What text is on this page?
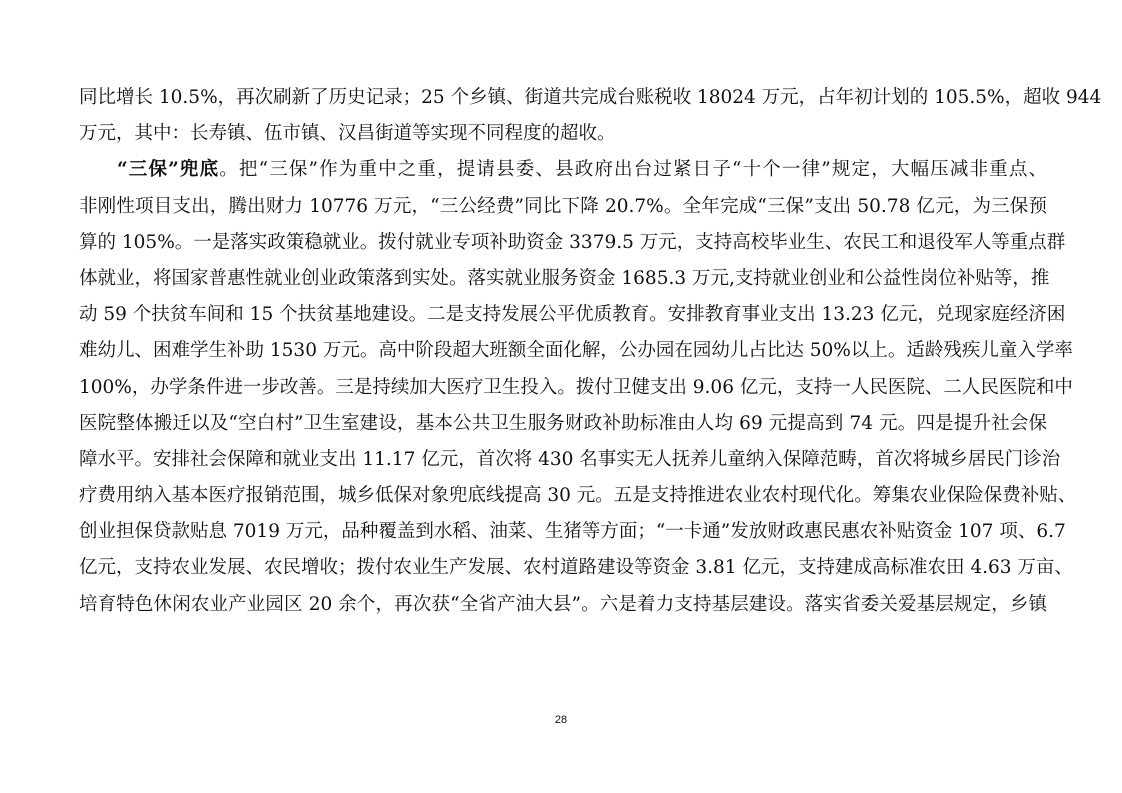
同比增长 10.5%，再次刷新了历史记录；25 个乡镇、街道共完成台账税收 18024 万元，占年初计划的 105.5%，超收 944
万元，其中：长寿镇、伍市镇、汉昌街道等实现不同程度的超收。
“三保”兜底。把“三保”作为重中之重，提请县委、县政府出台过紧日子“十个一律”规定，大幅压减非重点、
非刚性项目支出，腾出财力 10776 万元，“三公经费”同比下降 20.7%。全年完成“三保”支出 50.78 亿元，为三保预
算的 105%。一是落实政策稳就业。拨付就业专项补助资金 3379.5 万元，支持高校毕业生、农民工和退役军人等重点群
体就业，将国家普惠性就业创业政策落到实处。落实就业服务资金 1685.3 万元,支持就业创业和公益性岗位补贴等，推
动 59 个扶贫车间和 15 个扶贫基地建设。二是支持发展公平优质教育。安排教育事业支出 13.23 亿元，兑现家庭经济困
难幼儿、困难学生补助 1530 万元。高中阶段超大班额全面化解，公办园在园幼儿占比达 50%以上。适龄残疾儿童入学率
100%，办学条件进一步改善。三是持续加大医疗卫生投入。拨付卫健支出 9.06 亿元，支持一人民医院、二人民医院和中
医院整体搬迁以及“空白村”卫生室建设，基本公共卫生服务财政补助标准由人均 69 元提高到 74 元。四是提升社会保
障水平。安排社会保障和就业支出 11.17 亿元，首次将 430 名事实无人抚养儿童纳入保障范畴，首次将城乡居民门诊治
疗费用纳入基本医疗报销范围，城乡低保对象兜底线提高 30 元。五是支持推进农业农村现代化。筹集农业保险保费补贴、
创业担保贷款贴息 7019 万元，品种覆盖到水稻、油菜、生猪等方面；“一卡通”发放财政惠民惠农补贴资金 107 项、6.7
亿元，支持农业发展、农民增收；拨付农业生产发展、农村道路建设等资金 3.81 亿元，支持建成高标准农田 4.63 万亩、
培育特色休闲农业产业园区 20 余个，再次获“全省产油大县”。六是着力支持基层建设。落实省委关爱基层规定，乡镇
28
